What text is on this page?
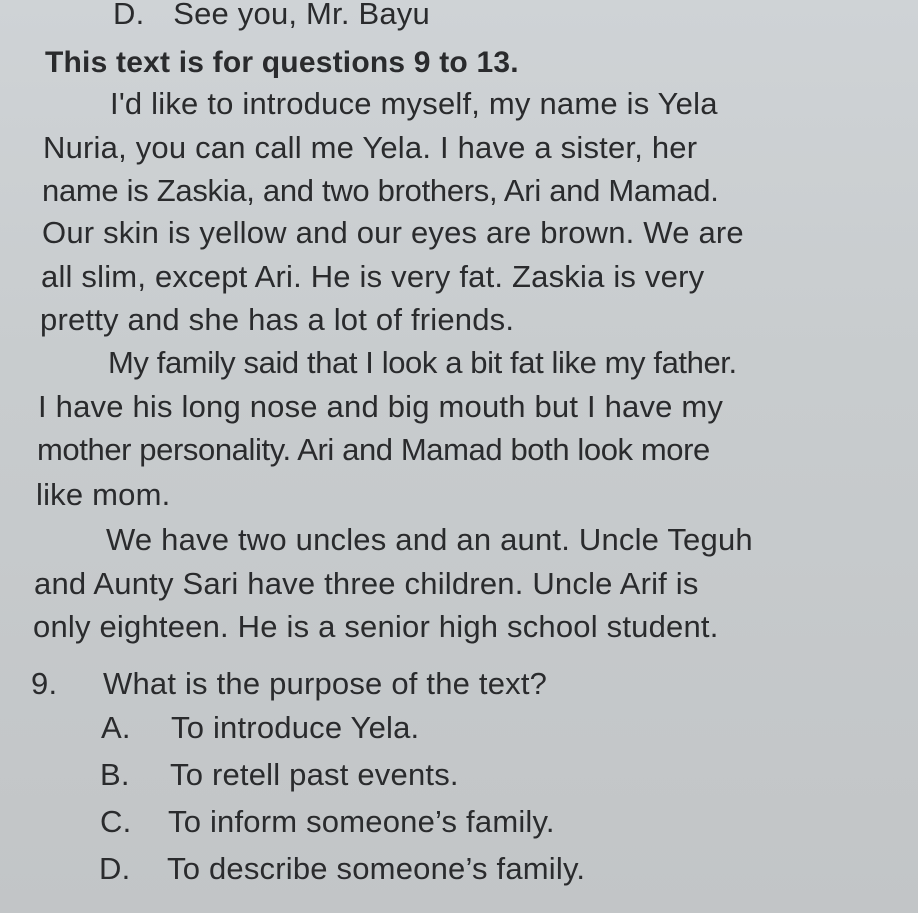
D. See you, Mr. Bayu
This text is for questions 9 to 13.
I'd like to introduce myself, my name is Yela
Nuria, you can call me Yela. I have a sister, her
name is Zaskia, and two brothers, Ari and Mamad.
Our skin is yellow and our eyes are brown. We are
all slim, except Ari. He is very fat. Zaskia is very
pretty and she has a lot of friends.
My family said that I look a bit fat like my father.
I have his long nose and big mouth but I have my
mother personality. Ari and Mamad both look more
like mom.
We have two uncles and an aunt. Uncle Teguh
and Aunty Sari have three children. Uncle Arif is
only eighteen. He is a senior high school student.
9. What is the purpose of the text?
A. To introduce Yela.
B. To retell past events.
C. To inform someone’s family.
D. To describe someone’s family.
